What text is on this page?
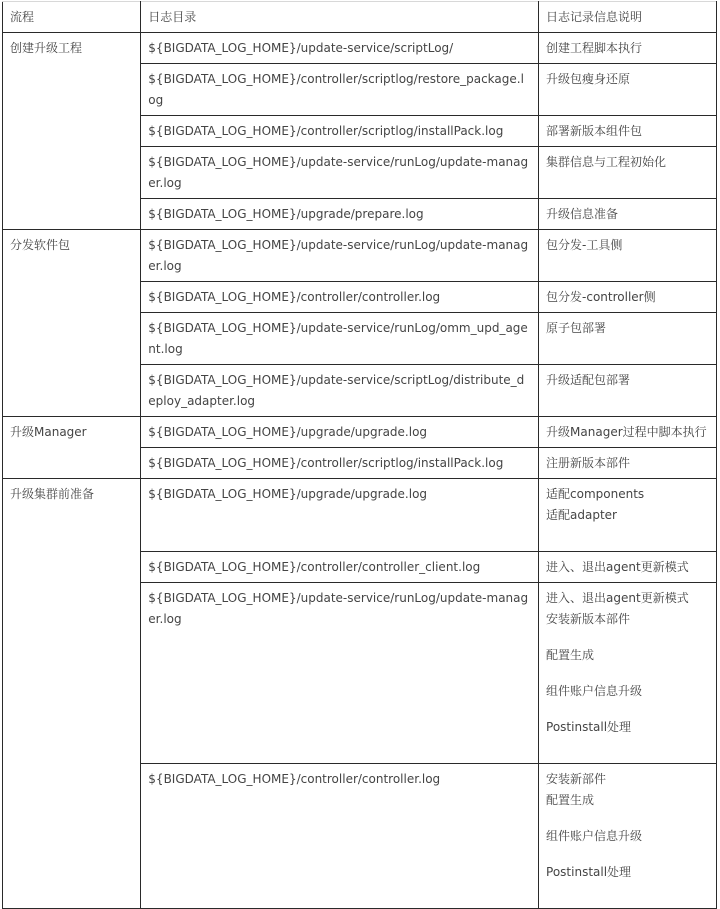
流程	日志目录	日志记录信息说明
创建升级工程	${BIGDATA_LOG_HOME}/update-service/scriptLog/	创建工程脚本执行

	${BIGDATA_LOG_HOME}/controller/scriptlog/restore_package.log	升级包瘦身还原

	${BIGDATA_LOG_HOME}/controller/scriptlog/installPack.log	部署新版本组件包

	${BIGDATA_LOG_HOME}/update-service/runLog/update-manager.log	集群信息与工程初始化

	${BIGDATA_LOG_HOME}/upgrade/prepare.log	升级信息准备

分发软件包	${BIGDATA_LOG_HOME}/update-service/runLog/update-manager.log	包分发-工具侧

	${BIGDATA_LOG_HOME}/controller/controller.log	包分发-controller侧

	${BIGDATA_LOG_HOME}/update-service/runLog/omm_upd_agent.log	原子包部署

	${BIGDATA_LOG_HOME}/update-service/scriptLog/distribute_deploy_adapter.log	升级适配包部署

升级Manager	${BIGDATA_LOG_HOME}/upgrade/upgrade.log	升级Manager过程中脚本执行

	${BIGDATA_LOG_HOME}/controller/scriptlog/installPack.log	注册新版本部件

升级集群前准备	${BIGDATA_LOG_HOME}/upgrade/upgrade.log	适配components
适配adapter

	${BIGDATA_LOG_HOME}/controller/controller_client.log	进入、退出agent更新模式

	${BIGDATA_LOG_HOME}/update-service/runLog/update-manager.log	进入、退出agent更新模式
安装新版本部件
配置生成
组件账户信息升级
Postinstall处理

	${BIGDATA_LOG_HOME}/controller/controller.log	安装新部件
配置生成
组件账户信息升级
Postinstall处理
